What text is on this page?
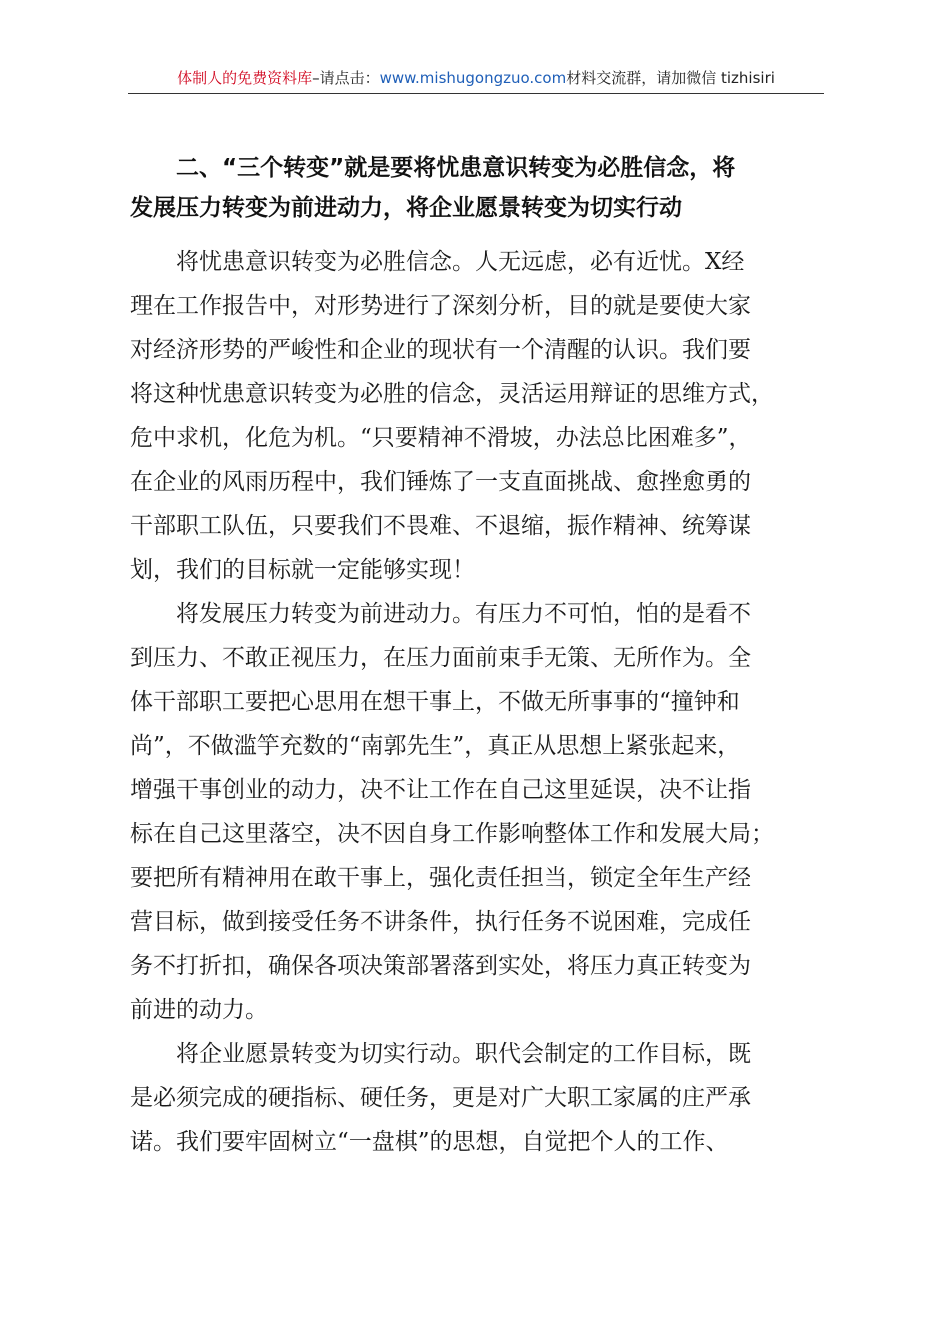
体制人的免费资料库–请点击：www.mishugongzuo.com材料交流群，请加微信 tizhisiri

二、“三个转变”就是要将忧患意识转变为必胜信念，将

发展压力转变为前进动力，将企业愿景转变为切实行动

将忧患意识转变为必胜信念。人无远虑，必有近忧。X经
理在工作报告中，对形势进行了深刻分析，目的就是要使大家
对经济形势的严峻性和企业的现状有一个清醒的认识。我们要
将这种忧患意识转变为必胜的信念，灵活运用辩证的思维方式，
危中求机，化危为机。“只要精神不滑坡，办法总比困难多”，
在企业的风雨历程中，我们锤炼了一支直面挑战、愈挫愈勇的
干部职工队伍，只要我们不畏难、不退缩，振作精神、统筹谋
划，我们的目标就一定能够实现！
将发展压力转变为前进动力。有压力不可怕，怕的是看不
到压力、不敢正视压力，在压力面前束手无策、无所作为。全
体干部职工要把心思用在想干事上，不做无所事事的“撞钟和
尚”，不做滥竽充数的“南郭先生”，真正从思想上紧张起来，
增强干事创业的动力，决不让工作在自己这里延误，决不让指
标在自己这里落空，决不因自身工作影响整体工作和发展大局；
要把所有精神用在敢干事上，强化责任担当，锁定全年生产经
营目标，做到接受任务不讲条件，执行任务不说困难，完成任
务不打折扣，确保各项决策部署落到实处，将压力真正转变为
前进的动力。
将企业愿景转变为切实行动。职代会制定的工作目标，既
是必须完成的硬指标、硬任务，更是对广大职工家属的庄严承
诺。我们要牢固树立“一盘棋”的思想，自觉把个人的工作、
